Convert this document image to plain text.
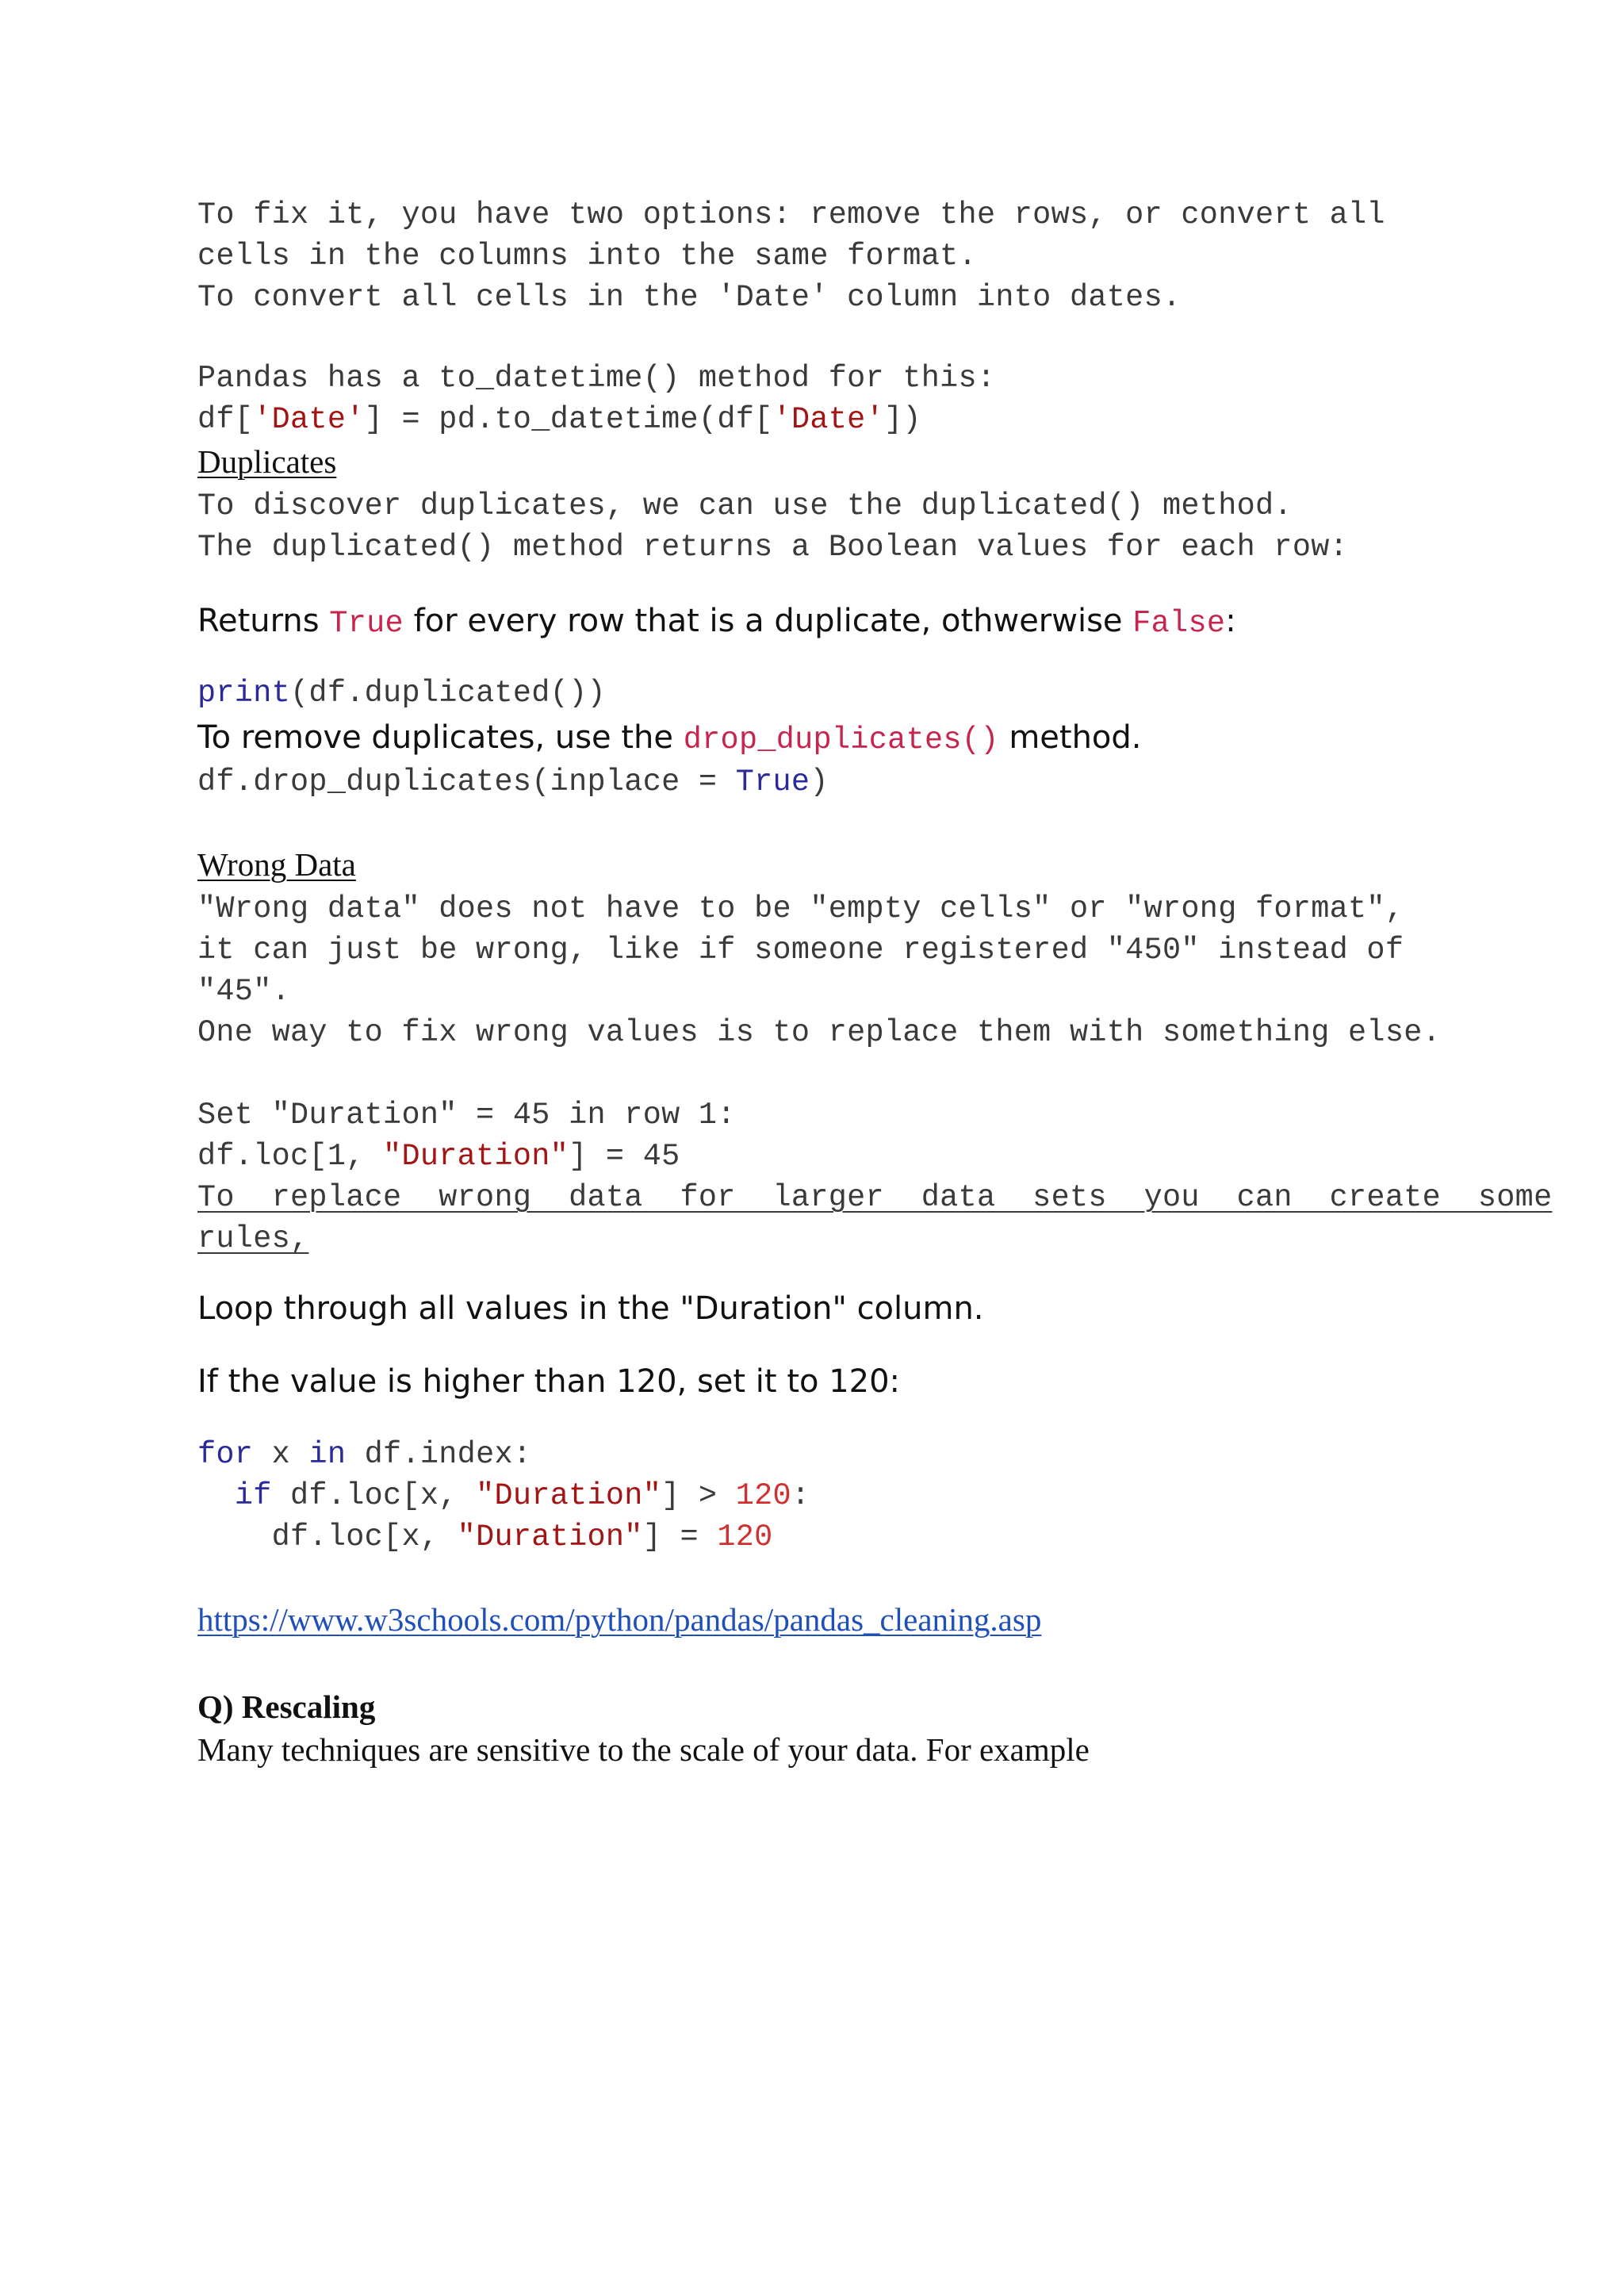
To fix it, you have two options: remove the rows, or convert all
cells in the columns into the same format.
To convert all cells in the 'Date' column into dates.
Pandas has a to_datetime() method for this:
df['Date'] = pd.to_datetime(df['Date'])
Duplicates
To discover duplicates, we can use the duplicated() method.
The duplicated() method returns a Boolean values for each row:
Returns True for every row that is a duplicate, othwerwise False:
print(df.duplicated())
To remove duplicates, use the drop_duplicates() method.
df.drop_duplicates(inplace = True)
Wrong Data
"Wrong data" does not have to be "empty cells" or "wrong format",
it can just be wrong, like if someone registered "450" instead of
"45".
One way to fix wrong values is to replace them with something else.
Set "Duration" = 45 in row 1:
df.loc[1, "Duration"] = 45
To  replace  wrong  data  for  larger  data  sets  you  can  create  some
rules,
Loop through all values in the "Duration" column.
If the value is higher than 120, set it to 120:
for x in df.index:
if df.loc[x, "Duration"] > 120:
df.loc[x, "Duration"] = 120
https://www.w3schools.com/python/pandas/pandas_cleaning.asp
Q) Rescaling
Many techniques are sensitive to the scale of your data. For example
